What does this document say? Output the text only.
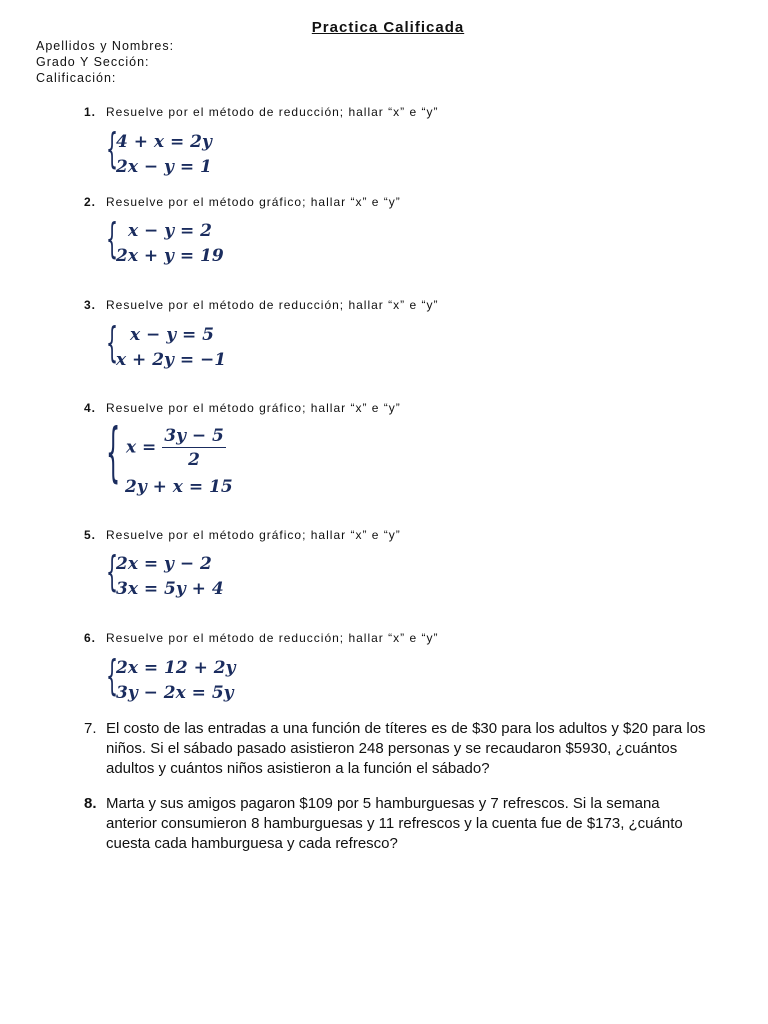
Practica Calificada
Apellidos y Nombres:
Grado Y Sección:
Calificación:
1. Resuelve por el método de reducción; hallar “x” e “y”
{
4 + x = 2y
2x − y = 1
2. Resuelve por el método gráfico; hallar “x” e “y”
{ x − y = 2
2x + y = 19
3. Resuelve por el método de reducción; hallar “x” e “y”
{ x − y = 5
x + 2y = −1
4. Resuelve por el método gráfico; hallar “x” e “y”
{ $x = \frac{3y - 5}{2}$
2y + x = 15
5. Resuelve por el método gráfico; hallar “x” e “y”
{
2x = y − 2
3x = 5y + 4
6. Resuelve por el método de reducción; hallar “x” e “y”
{
2x = 12 + 2y
3y − 2x = 5y
7. El costo de las entradas a una función de títeres es de $30 para los adultos y $20 para los niños. Si el sábado pasado asistieron 248 personas y se recaudaron $5930, ¿cuántos adultos y cuántos niños asistieron a la función el sábado?
8. Marta y sus amigos pagaron $109 por 5 hamburguesas y 7 refrescos. Si la semana anterior consumieron 8 hamburguesas y 11 refrescos y la cuenta fue de $173, ¿cuánto cuesta cada hamburguesa y cada refresco?
